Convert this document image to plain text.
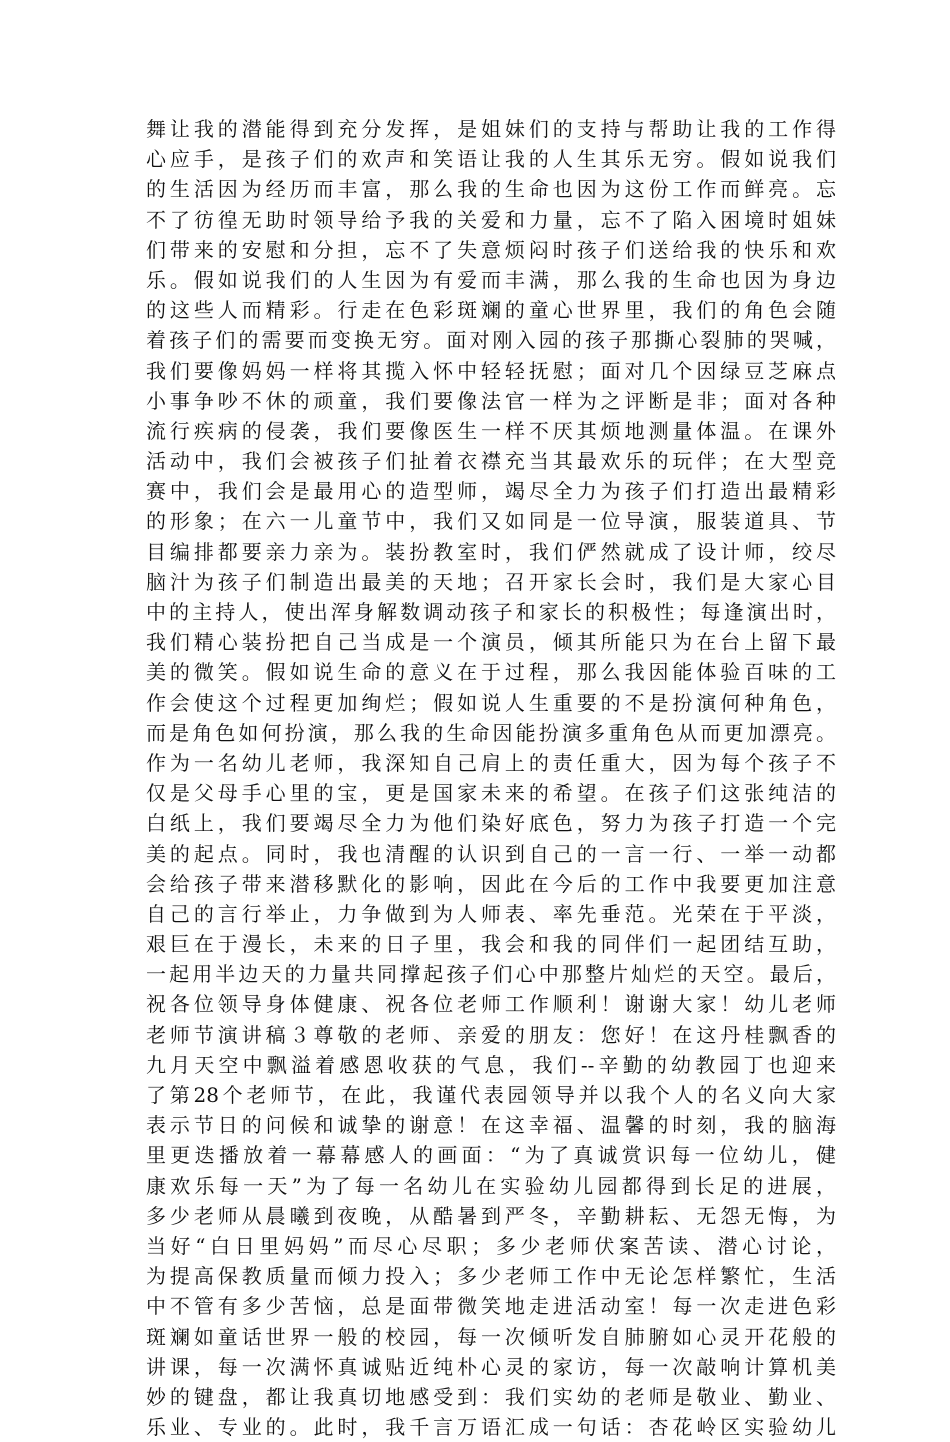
舞让我的潜能得到充分发挥，是姐妹们的支持与帮助让我的工作得
心应手，是孩子们的欢声和笑语让我的人生其乐无穷。假如说我们
的生活因为经历而丰富，那么我的生命也因为这份工作而鲜亮。忘
不了彷徨无助时领导给予我的关爱和力量，忘不了陷入困境时姐妹
们带来的安慰和分担，忘不了失意烦闷时孩子们送给我的快乐和欢
乐。假如说我们的人生因为有爱而丰满，那么我的生命也因为身边
的这些人而精彩。行走在色彩斑斓的童心世界里，我们的角色会随
着孩子们的需要而变换无穷。面对刚入园的孩子那撕心裂肺的哭喊，
我们要像妈妈一样将其揽入怀中轻轻抚慰；面对几个因绿豆芝麻点
小事争吵不休的顽童，我们要像法官一样为之评断是非；面对各种
流行疾病的侵袭，我们要像医生一样不厌其烦地测量体温。在课外
活动中，我们会被孩子们扯着衣襟充当其最欢乐的玩伴；在大型竞
赛中，我们会是最用心的造型师，竭尽全力为孩子们打造出最精彩
的形象；在六一儿童节中，我们又如同是一位导演，服装道具、节
目编排都要亲力亲为。装扮教室时，我们俨然就成了设计师，绞尽
脑汁为孩子们制造出最美的天地；召开家长会时，我们是大家心目
中的主持人，使出浑身解数调动孩子和家长的积极性；每逢演出时，
我们精心装扮把自己当成是一个演员，倾其所能只为在台上留下最
美的微笑。假如说生命的意义在于过程，那么我因能体验百味的工
作会使这个过程更加绚烂；假如说人生重要的不是扮演何种角色，
而是角色如何扮演，那么我的生命因能扮演多重角色从而更加漂亮。
作为一名幼儿老师，我深知自己肩上的责任重大，因为每个孩子不
仅是父母手心里的宝，更是国家未来的希望。在孩子们这张纯洁的
白纸上，我们要竭尽全力为他们染好底色，努力为孩子打造一个完
美的起点。同时，我也清醒的认识到自己的一言一行、一举一动都
会给孩子带来潜移默化的影响，因此在今后的工作中我要更加注意
自己的言行举止，力争做到为人师表、率先垂范。光荣在于平淡，
艰巨在于漫长，未来的日子里，我会和我的同伴们一起团结互助，
一起用半边天的力量共同撑起孩子们心中那整片灿烂的天空。最后，
祝各位领导身体健康、祝各位老师工作顺利！谢谢大家！幼儿老师
老师节演讲稿３尊敬的老师、亲爱的朋友：您好！在这丹桂飘香的
九月天空中飘溢着感恩收获的气息，我们--辛勤的幼教园丁也迎来
了第28个老师节，在此，我谨代表园领导并以我个人的名义向大家
表示节日的问候和诚挚的谢意！在这幸福、温馨的时刻，我的脑海
里更迭播放着一幕幕感人的画面：“为了真诚赏识每一位幼儿，健
康欢乐每一天”为了每一名幼儿在实验幼儿园都得到长足的进展，
多少老师从晨曦到夜晚，从酷暑到严冬，辛勤耕耘、无怨无悔，为
当好“白日里妈妈”而尽心尽职；多少老师伏案苦读、潜心讨论，
为提高保教质量而倾力投入；多少老师工作中无论怎样繁忙，生活
中不管有多少苦恼，总是面带微笑地走进活动室！每一次走进色彩
斑斓如童话世界一般的校园，每一次倾听发自肺腑如心灵开花般的
讲课，每一次满怀真诚贴近纯朴心灵的家访，每一次敲响计算机美
妙的键盘，都让我真切地感受到：我们实幼的老师是敬业、勤业、
乐业、专业的。此时，我千言万语汇成一句话：杏花岭区实验幼儿
